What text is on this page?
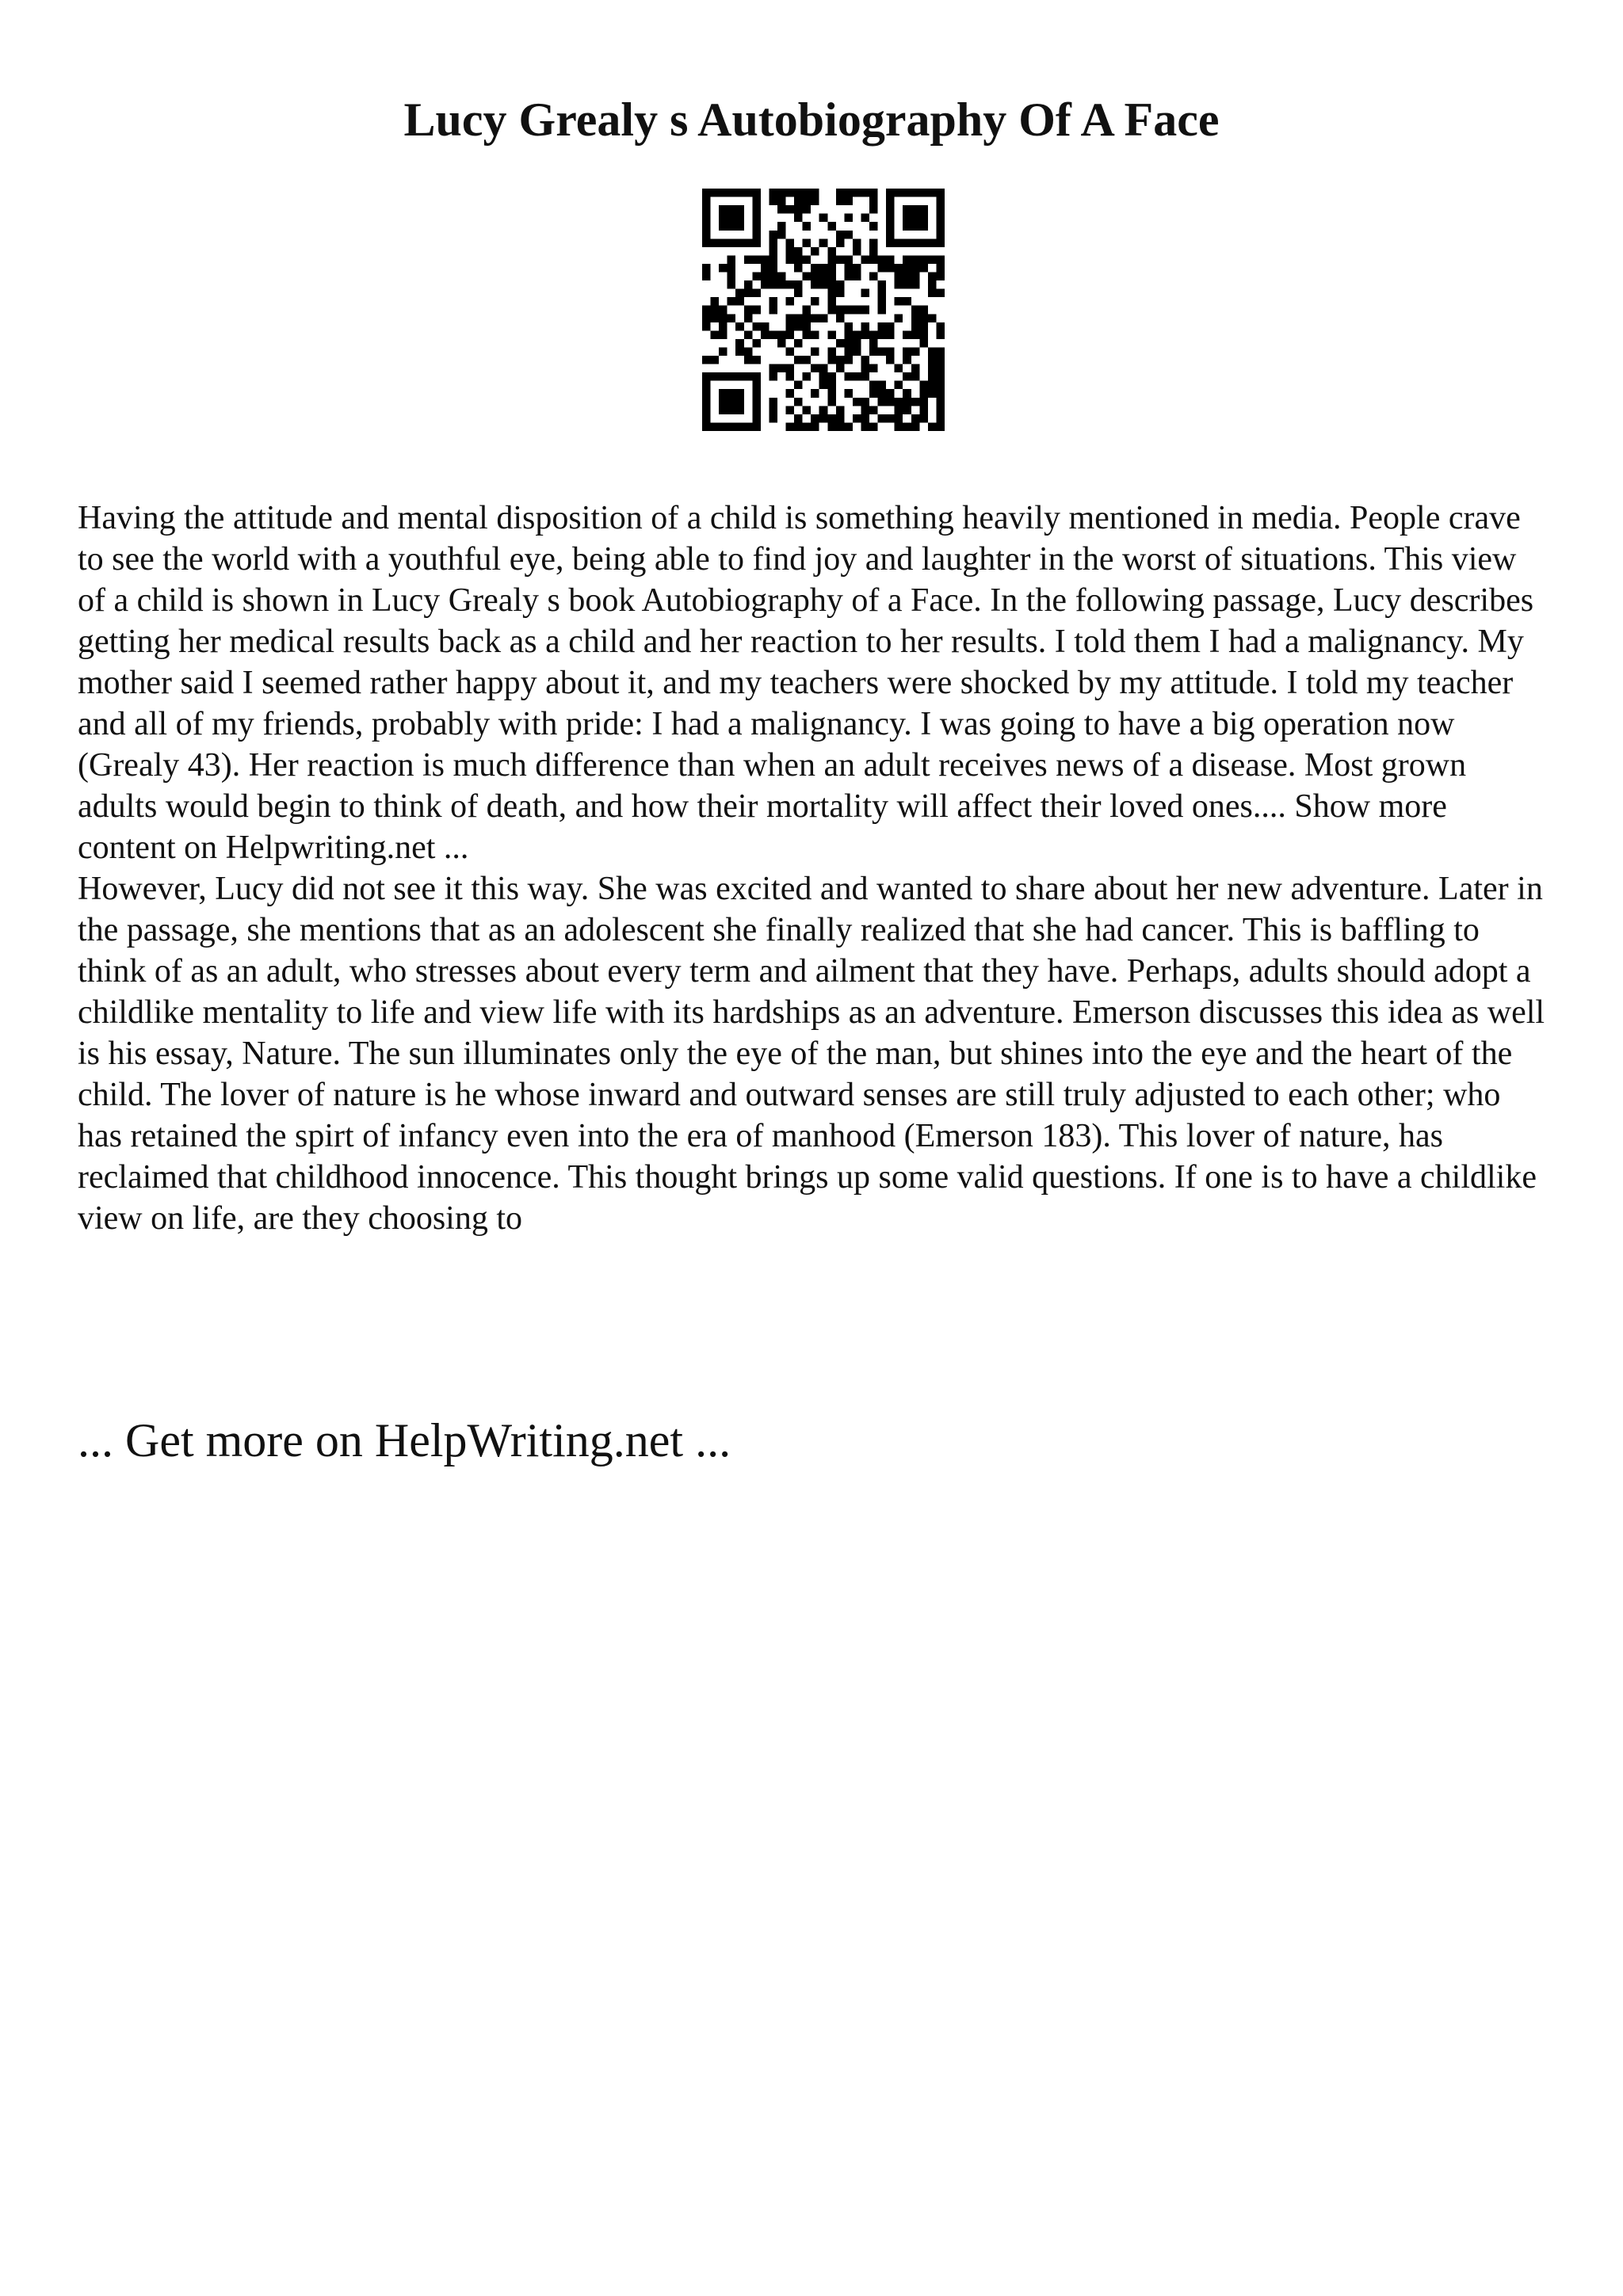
Lucy Grealy s Autobiography Of A Face

Having the attitude and mental disposition of a child is something heavily mentioned in media. People crave to see the world with a youthful eye, being able to find joy and laughter in the worst of situations. This view of a child is shown in Lucy Grealy s book Autobiography of a Face. In the following passage, Lucy describes getting her medical results back as a child and her reaction to her results. I told them I had a malignancy. My mother said I seemed rather happy about it, and my teachers were shocked by my attitude. I told my teacher and all of my friends, probably with pride: I had a malignancy. I was going to have a big operation now (Grealy 43). Her reaction is much difference than when an adult receives news of a disease. Most grown adults would begin to think of death, and how their mortality will affect their loved ones.... Show more content on Helpwriting.net ...

However, Lucy did not see it this way. She was excited and wanted to share about her new adventure. Later in the passage, she mentions that as an adolescent she finally realized that she had cancer. This is baffling to think of as an adult, who stresses about every term and ailment that they have. Perhaps, adults should adopt a childlike mentality to life and view life with its hardships as an adventure. Emerson discusses this idea as well is his essay, Nature. The sun illuminates only the eye of the man, but shines into the eye and the heart of the child. The lover of nature is he whose inward and outward senses are still truly adjusted to each other; who has retained the spirt of infancy even into the era of manhood (Emerson 183). This lover of nature, has reclaimed that childhood innocence. This thought brings up some valid questions. If one is to have a childlike view on life, are they choosing to

... Get more on HelpWriting.net ...
